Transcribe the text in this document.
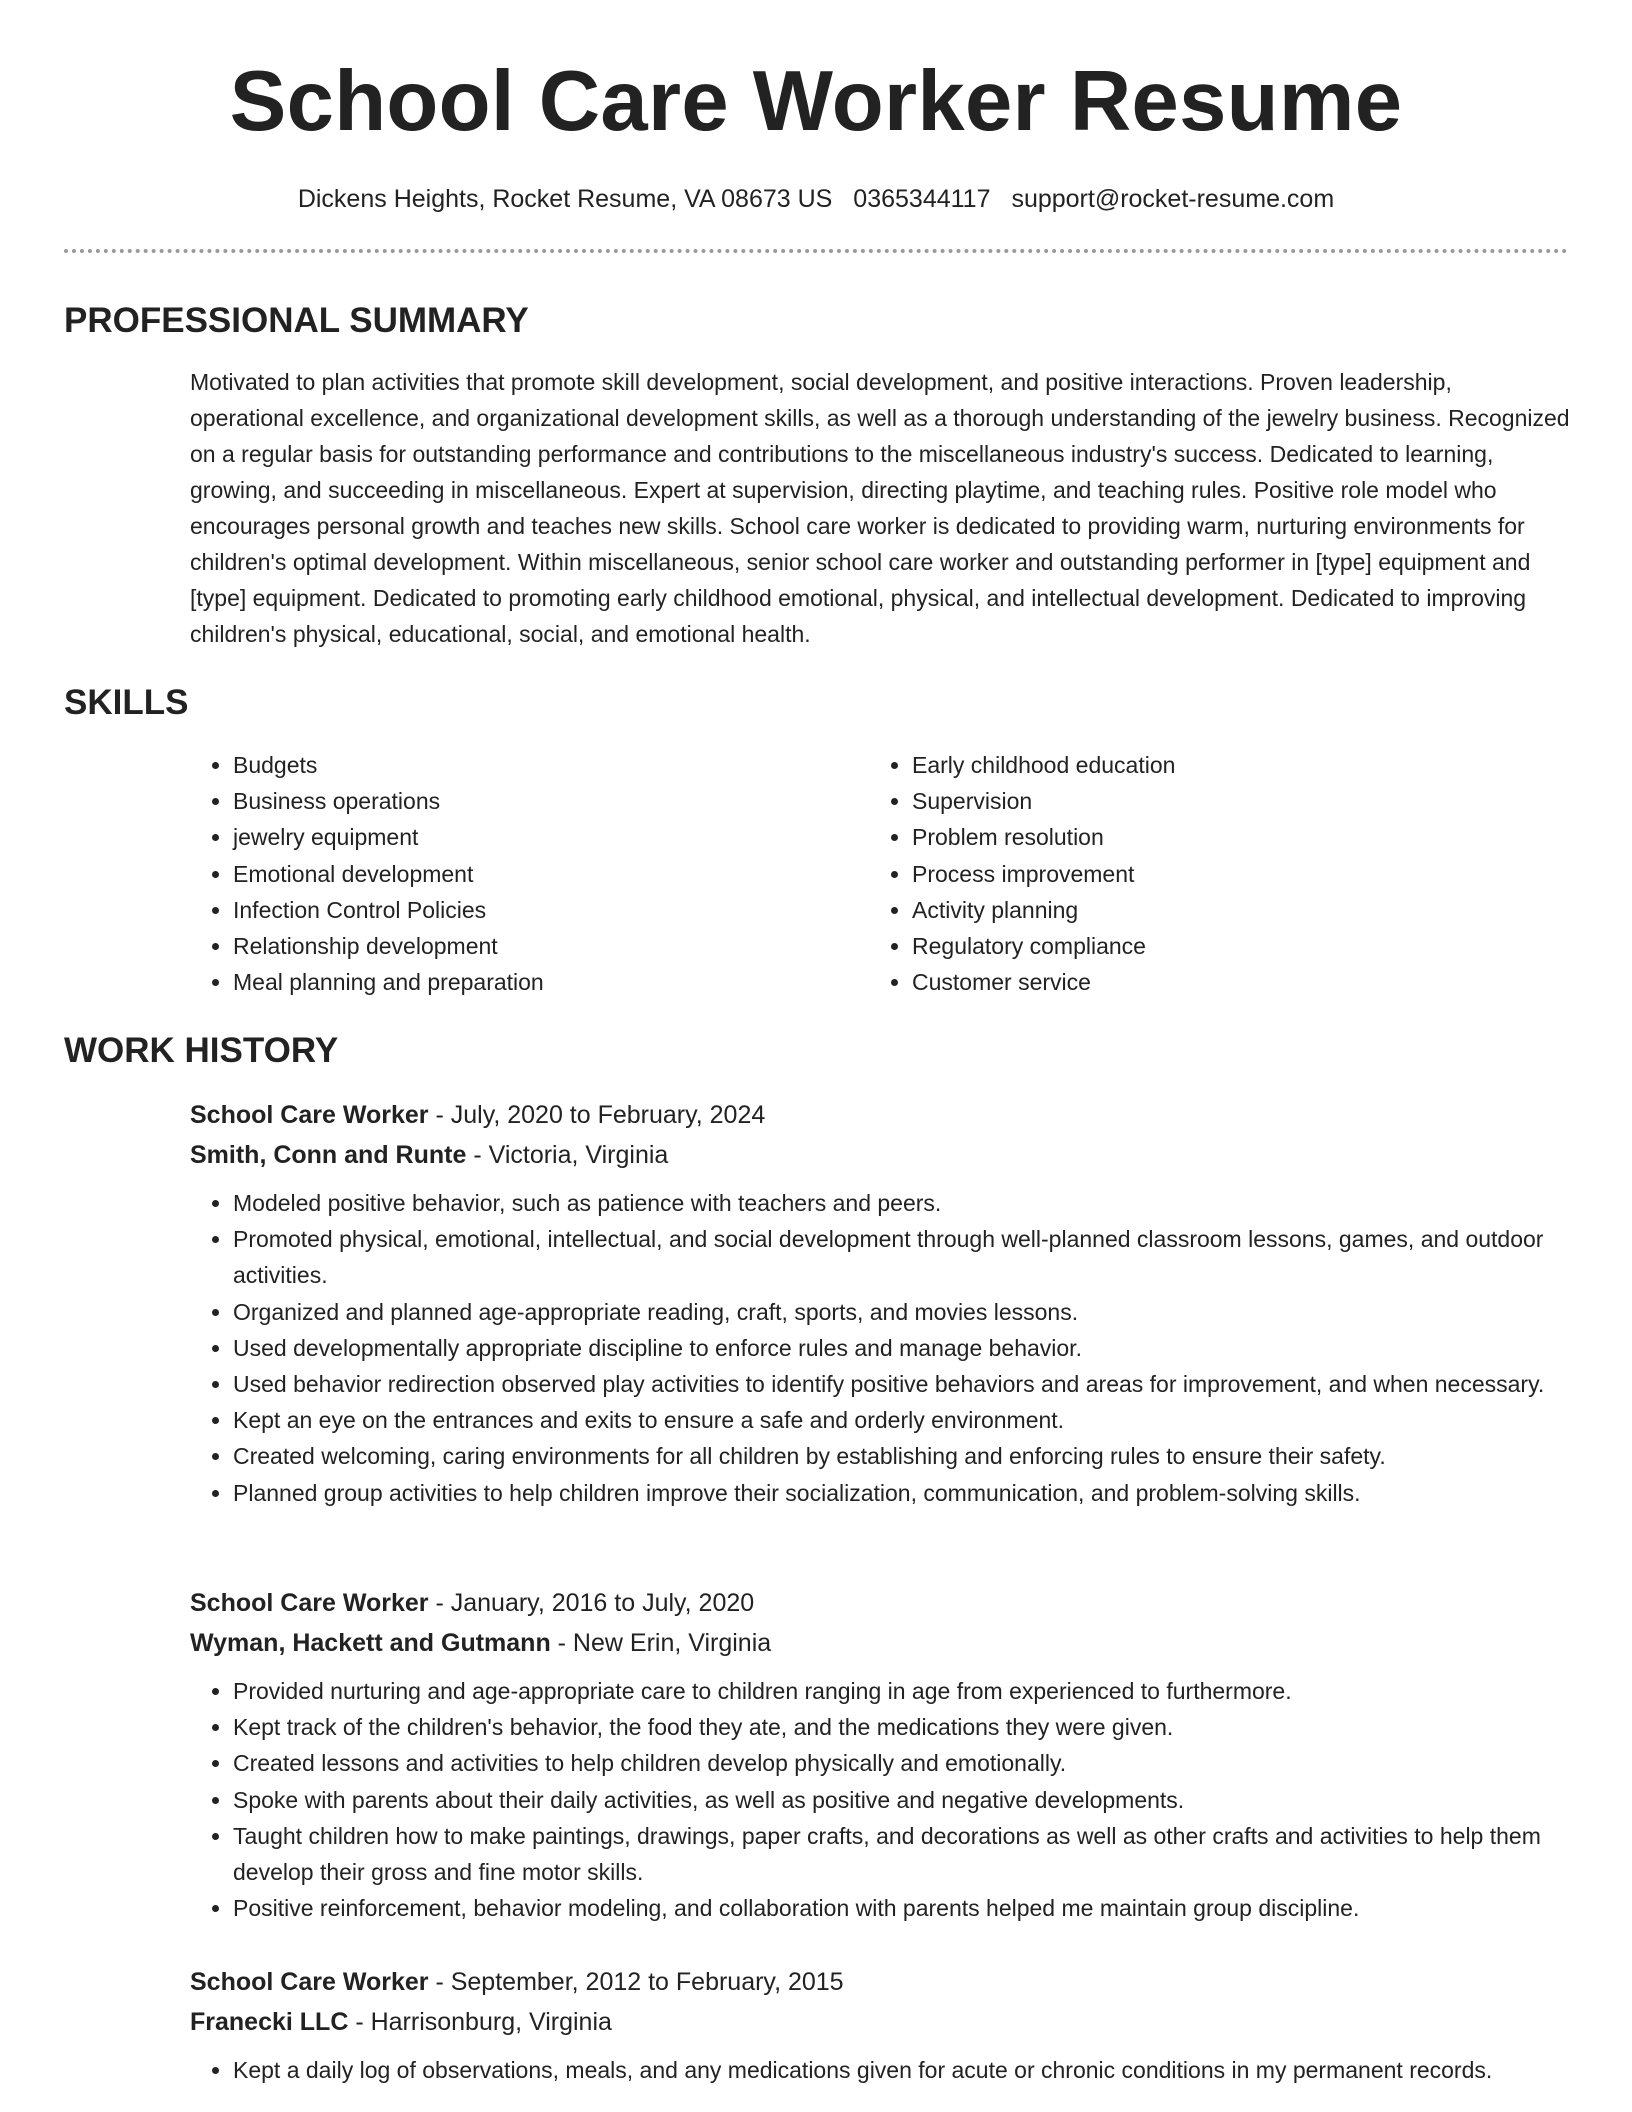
School Care Worker Resume
Dickens Heights, Rocket Resume, VA 08673 US 0365344117 support@rocket-resume.com
PROFESSIONAL SUMMARY

Motivated to plan activities that promote skill development, social development, and positive interactions. Proven leadership, operational excellence, and organizational development skills, as well as a thorough understanding of the jewelry business. Recognized on a regular basis for outstanding performance and contributions to the miscellaneous industry's success. Dedicated to learning, growing, and succeeding in miscellaneous. Expert at supervision, directing playtime, and teaching rules. Positive role model who encourages personal growth and teaches new skills. School care worker is dedicated to providing warm, nurturing environments for children's optimal development. Within miscellaneous, senior school care worker and outstanding performer in [type] equipment and [type] equipment. Dedicated to promoting early childhood emotional, physical, and intellectual development. Dedicated to improving children's physical, educational, social, and emotional health.

SKILLS
• Budgets
• Business operations
• jewelry equipment
• Emotional development
• Infection Control Policies
• Relationship development
• Meal planning and preparation
• Early childhood education
• Supervision
• Problem resolution
• Process improvement
• Activity planning
• Regulatory compliance
• Customer service
WORK HISTORY
School Care Worker - July, 2020 to February, 2024
Smith, Conn and Runte - Victoria, Virginia
• Modeled positive behavior, such as patience with teachers and peers.
• Promoted physical, emotional, intellectual, and social development through well-planned classroom lessons, games, and outdoor activities.
• Organized and planned age-appropriate reading, craft, sports, and movies lessons.
• Used developmentally appropriate discipline to enforce rules and manage behavior.
• Used behavior redirection observed play activities to identify positive behaviors and areas for improvement, and when necessary.
• Kept an eye on the entrances and exits to ensure a safe and orderly environment.
• Created welcoming, caring environments for all children by establishing and enforcing rules to ensure their safety.
• Planned group activities to help children improve their socialization, communication, and problem-solving skills.
School Care Worker - January, 2016 to July, 2020
Wyman, Hackett and Gutmann - New Erin, Virginia
• Provided nurturing and age-appropriate care to children ranging in age from experienced to furthermore.
• Kept track of the children's behavior, the food they ate, and the medications they were given.
• Created lessons and activities to help children develop physically and emotionally.
• Spoke with parents about their daily activities, as well as positive and negative developments.
• Taught children how to make paintings, drawings, paper crafts, and decorations as well as other crafts and activities to help them develop their gross and fine motor skills.
• Positive reinforcement, behavior modeling, and collaboration with parents helped me maintain group discipline.
School Care Worker - September, 2012 to February, 2015
Franecki LLC - Harrisonburg, Virginia
• Kept a daily log of observations, meals, and any medications given for acute or chronic conditions in my permanent records.
